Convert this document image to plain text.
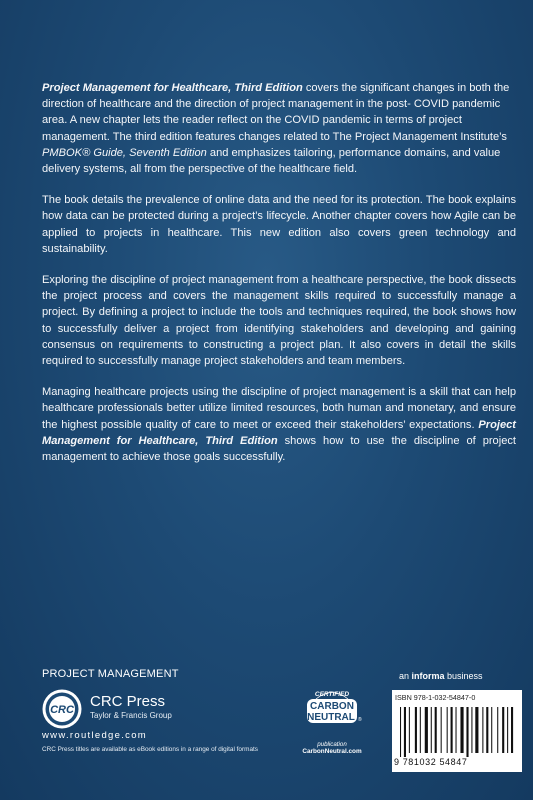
Project Management for Healthcare, Third Edition covers the significant changes in both the direction of healthcare and the direction of project management in the post- COVID pandemic area. A new chapter lets the reader reflect on the COVID pandemic in terms of project management. The third edition features changes related to The Project Management Institute’s PMBOK® Guide, Seventh Edition and emphasizes tailoring, performance domains, and value delivery systems, all from the perspective of the healthcare field.

The book details the prevalence of online data and the need for its protection. The book explains how data can be protected during a project’s lifecycle. Another chapter covers how Agile can be applied to projects in healthcare. This new edition also covers green technology and sustainability.

Exploring the discipline of project management from a healthcare perspective, the book dissects the project process and covers the management skills required to successfully manage a project. By defining a project to include the tools and techniques required, the book shows how to successfully deliver a project from identifying stakeholders and developing and gaining consensus on requirements to constructing a project plan. It also covers in detail the skills required to successfully manage project stakeholders and team members.

Managing healthcare projects using the discipline of project management is a skill that can help healthcare professionals better utilize limited resources, both human and monetary, and ensure the highest possible quality of care to meet or exceed their stakeholders’ expectations. Project Management for Healthcare, Third Edition shows how to use the discipline of project management to achieve those goals successfully.

PROJECT MANAGEMENT
CRC CRC Press
Taylor & Francis Group
www.routledge.com
CRC Press titles are available as eBook editions in a range of digital formats
CERTIFIED
CARBON
NEUTRAL ®
publication
CarbonNeutral.com
an informa business
ISBN 978-1-032-54847-0
9 781032 54847
